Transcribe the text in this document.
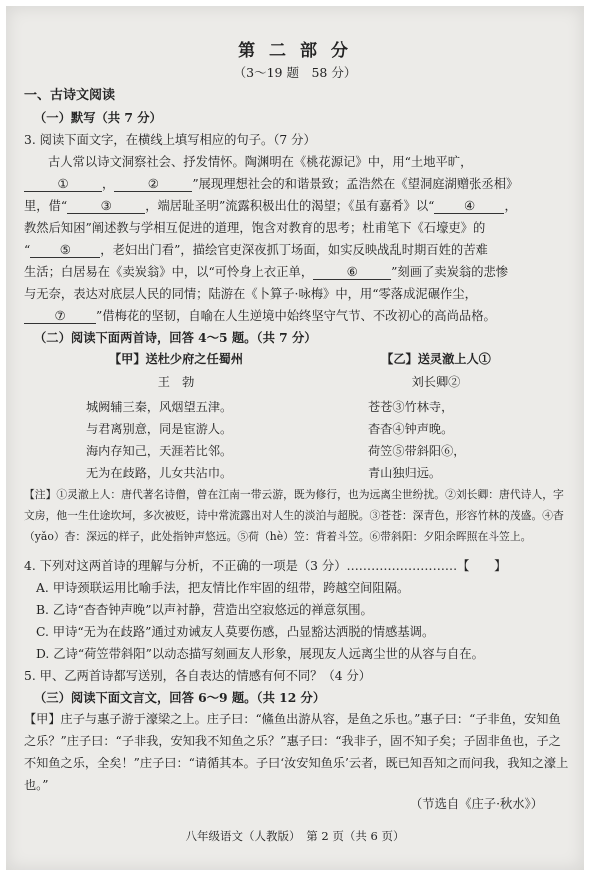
第 二 部 分
（3～19 题　58 分）
一、古诗文阅读
（一）默写（共 7 分）
3. 阅读下面文字，在横线上填写相应的句子。（7 分）
古人常以诗文洞察社会、抒发情怀。陶渊明在《桃花源记》中，用“土地平旷，
①	，	②	”展现理想社会的和谐景致；孟浩然在《望洞庭湖赠张丞相》
里，借“	③	，端居耻圣明”流露积极出仕的渴望；《虽有嘉肴》以“ ④ ，
教然后知困”阐述教与学相互促进的道理，饱含对教育的思考；杜甫笔下《石壕吏》的
“ ⑤ ，老妇出门看”，描绘官吏深夜抓丁场面，如实反映战乱时期百姓的苦难
生活；白居易在《卖炭翁》中，以“可怜身上衣正单，	⑥	”刻画了卖炭翁的悲惨
与无奈，表达对底层人民的同情；陆游在《卜算子·咏梅》中，用“零落成泥碾作尘，
⑦ ”借梅花的坚韧，自喻在人生逆境中始终坚守气节、不改初心的高尚品格。
（二）阅读下面两首诗，回答 4～5 题。（共 7 分）
【甲】送杜少府之任蜀州
王　勃
城阙辅三秦，风烟望五津。
与君离别意，同是宦游人。
海内存知己，天涯若比邻。
无为在歧路，儿女共沾巾。
【乙】送灵澈上人①
刘长卿②
苍苍③竹林寺，
杳杳④钟声晚。
荷笠⑤带斜阳⑥，
青山独归远。
【注】①灵澈上人：唐代著名诗僧，曾在江南一带云游，既为修行，也为远离尘世纷扰。②刘长卿：唐代诗人，字文房，他一生仕途坎坷，多次被贬，诗中常流露出对人生的淡泊与超脱。③苍苍：深青色，形容竹林的茂盛。④杳（yǎo）杳：深远的样子，此处指钟声悠远。⑤荷（hè）笠：背着斗笠。⑥带斜阳：夕阳余晖照在斗笠上。
4. 下列对这两首诗的理解与分析，不正确的一项是（3 分）………………………【　　】
A. 甲诗颈联运用比喻手法，把友情比作牢固的纽带，跨越空间阻隔。
B. 乙诗“杳杳钟声晚”以声衬静，营造出空寂悠远的禅意氛围。
C. 甲诗“无为在歧路”通过劝诫友人莫要伤感，凸显豁达洒脱的情感基调。
D. 乙诗“荷笠带斜阳”以动态描写刻画友人形象，展现友人远离尘世的从容与自在。
5. 甲、乙两首诗都写送别，各自表达的情感有何不同？（4 分）
（三）阅读下面文言文，回答 6～9 题。（共 12 分）
【甲】庄子与惠子游于濠梁之上。庄子曰：“鯈鱼出游从容，是鱼之乐也。”惠子曰：“子非鱼，安知鱼之乐？”庄子曰：“子非我，安知我不知鱼之乐？”惠子曰：“我非子，固不知子矣；子固非鱼也，子之不知鱼之乐，全矣！”庄子曰：“请循其本。子曰‘汝安知鱼乐’云者，既已知吾知之而问我，我知之濠上也。”
（节选自《庄子·秋水》）
八年级语文（人教版）　第 2 页（共 6 页）
